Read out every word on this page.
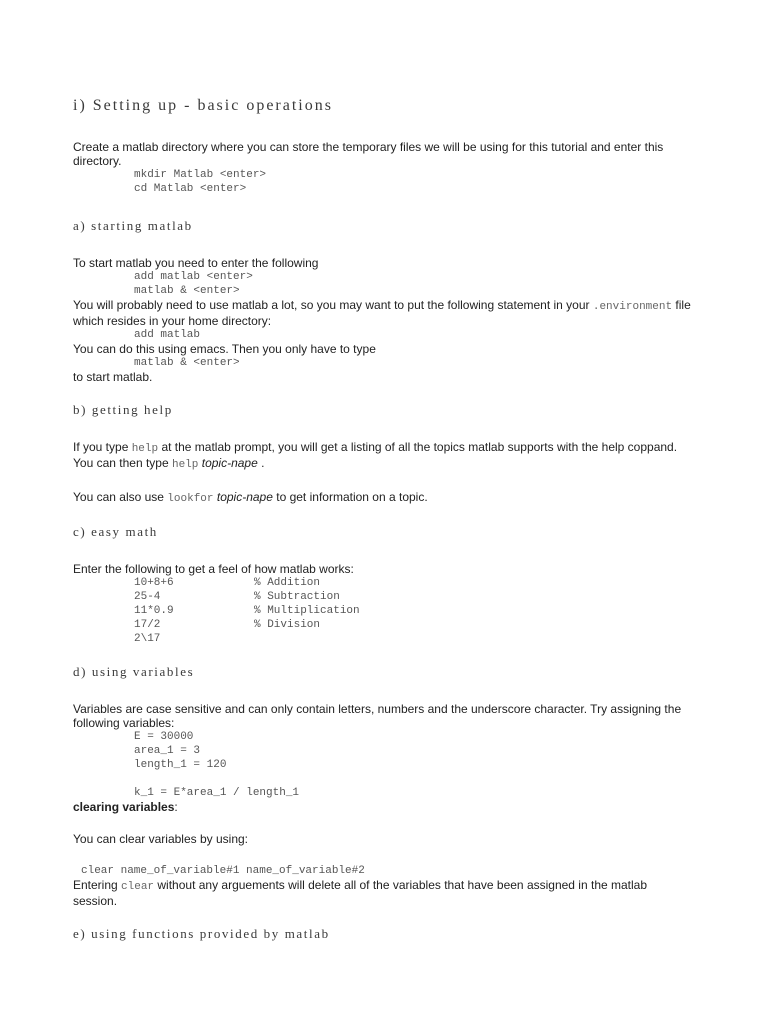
i) Setting up - basic operations

Create a matlab directory where you can store the temporary files we will be using for this tutorial and enter this directory.

mkdir Matlab <enter>
cd Matlab <enter>
a) starting matlab

To start matlab you need to enter the following

add matlab <enter>
matlab & <enter>

You will probably need to use matlab a lot, so you may want to put the following statement in your .environment file which resides in your home directory:

add matlab

You can do this using emacs. Then you only have to type

matlab & <enter>

to start matlab.

b) getting help

If you type help at the matlab prompt, you will get a listing of all the topics matlab supports with the help coppand. You can then type help topic-nape .

You can also use lookfor topic-nape to get information on a topic.

c) easy math

Enter the following to get a feel of how matlab works:

10+8+6	% Addition
25-4	% Subtraction
11*0.9	% Multiplication
17/2	% Division
2\17
d) using variables

Variables are case sensitive and can only contain letters, numbers and the underscore character. Try assigning the following variables:

E = 30000
area_1 = 3
length_1 = 120
k_1 = E*area_1 / length_1

clearing variables:

You can clear variables by using:

clear name_of_variable#1 name_of_variable#2

Entering clear without any arguements will delete all of the variables that have been assigned in the matlab session.

e) using functions provided by matlab
